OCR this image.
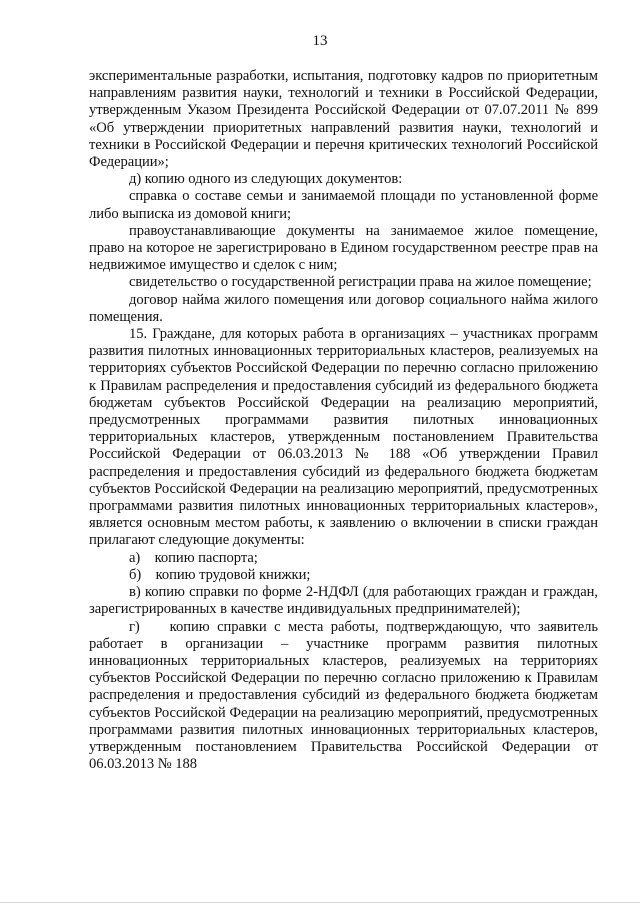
13

экспериментальные разработки, испытания, подготовку кадров по приоритетным направлениям развития науки, технологий и техники в Российской Федерации, утвержденным Указом Президента Российской Федерации от 07.07.2011 № 899 «Об утверждении приоритетных направлений развития науки, технологий и техники в Российской Федерации и перечня критических технологий Российской Федерации»;

д) копию одного из следующих документов:

справка о составе семьи и занимаемой площади по установленной форме либо выписка из домовой книги;

правоустанавливающие документы на занимаемое жилое помещение, право на которое не зарегистрировано в Едином государственном реестре прав на недвижимое имущество и сделок с ним;

свидетельство о государственной регистрации права на жилое помещение;

договор найма жилого помещения или договор социального найма жилого помещения.

15. Граждане, для которых работа в организациях – участниках программ развития пилотных инновационных территориальных кластеров, реализуемых на территориях субъектов Российской Федерации по перечню согласно приложению к Правилам распределения и предоставления субсидий из федерального бюджета бюджетам субъектов Российской Федерации на реализацию мероприятий, предусмотренных программами развития пилотных инновационных территориальных кластеров, утвержденным постановлением Правительства Российской Федерации от 06.03.2013 № 188 «Об утверждении Правил распределения и предоставления субсидий из федерального бюджета бюджетам субъектов Российской Федерации на реализацию мероприятий, предусмотренных программами развития пилотных инновационных территориальных кластеров», является основным местом работы, к заявлению о включении в списки граждан прилагают следующие документы:

а)    копию паспорта;

б)    копию трудовой книжки;

в) копию справки по форме 2-НДФЛ (для работающих граждан и граждан, зарегистрированных в качестве индивидуальных предпринимателей);

г)    копию справки с места работы, подтверждающую, что заявитель работает в организации – участнике программ развития пилотных инновационных территориальных кластеров, реализуемых на территориях субъектов Российской Федерации по перечню согласно приложению к Правилам распределения и предоставления субсидий из федерального бюджета бюджетам субъектов Российской Федерации на реализацию мероприятий, предусмотренных программами развития пилотных инновационных территориальных кластеров, утвержденным постановлением Правительства Российской Федерации от 06.03.2013 № 188
